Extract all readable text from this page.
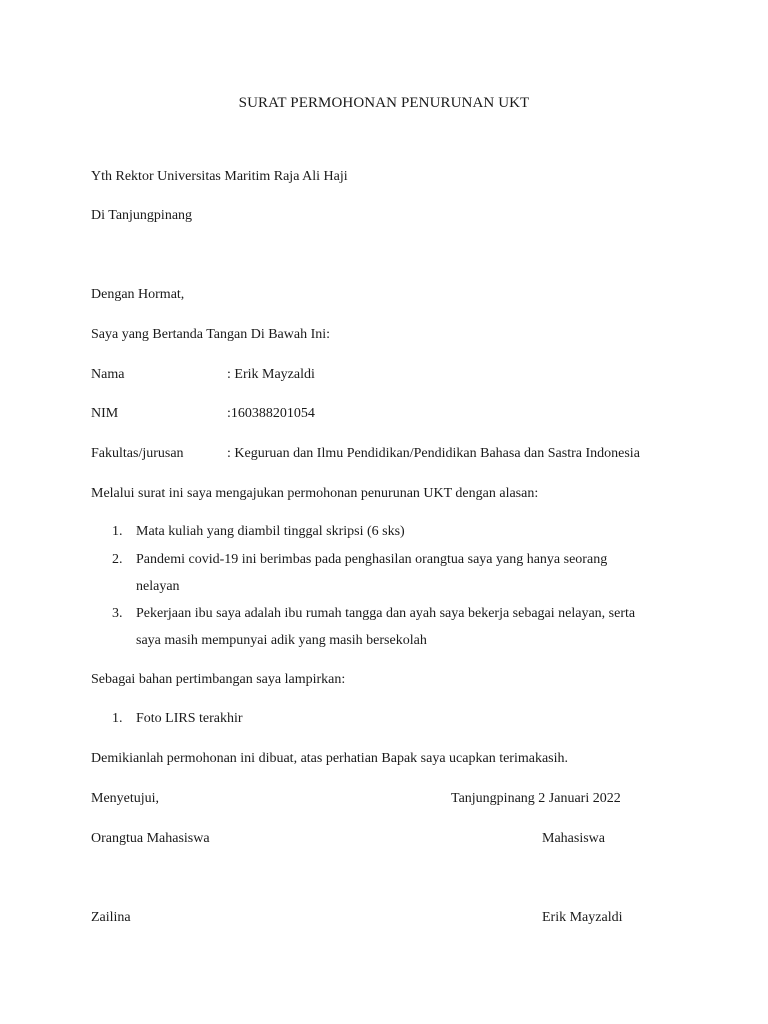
SURAT PERMOHONAN PENURUNAN UKT
Yth Rektor Universitas Maritim Raja Ali Haji
Di Tanjungpinang
Dengan Hormat,
Saya yang Bertanda Tangan Di Bawah Ini:
Nama	: Erik Mayzaldi
NIM	:160388201054
Fakultas/jurusan	: Keguruan dan Ilmu Pendidikan/Pendidikan Bahasa dan Sastra Indonesia
Melalui surat ini saya mengajukan permohonan penurunan UKT dengan alasan:
1. Mata kuliah yang diambil tinggal skripsi (6 sks)
2. Pandemi covid-19 ini berimbas pada penghasilan orangtua saya yang hanya seorang
nelayan
3. Pekerjaan ibu saya adalah ibu rumah tangga dan ayah saya bekerja sebagai nelayan, serta
saya masih mempunyai adik yang masih bersekolah
Sebagai bahan pertimbangan saya lampirkan:
1. Foto LIRS terakhir
Demikianlah permohonan ini dibuat, atas perhatian Bapak saya ucapkan terimakasih.
Menyetujui,	Tanjungpinang 2 Januari 2022
Orangtua Mahasiswa	Mahasiswa
Zailina	Erik Mayzaldi
